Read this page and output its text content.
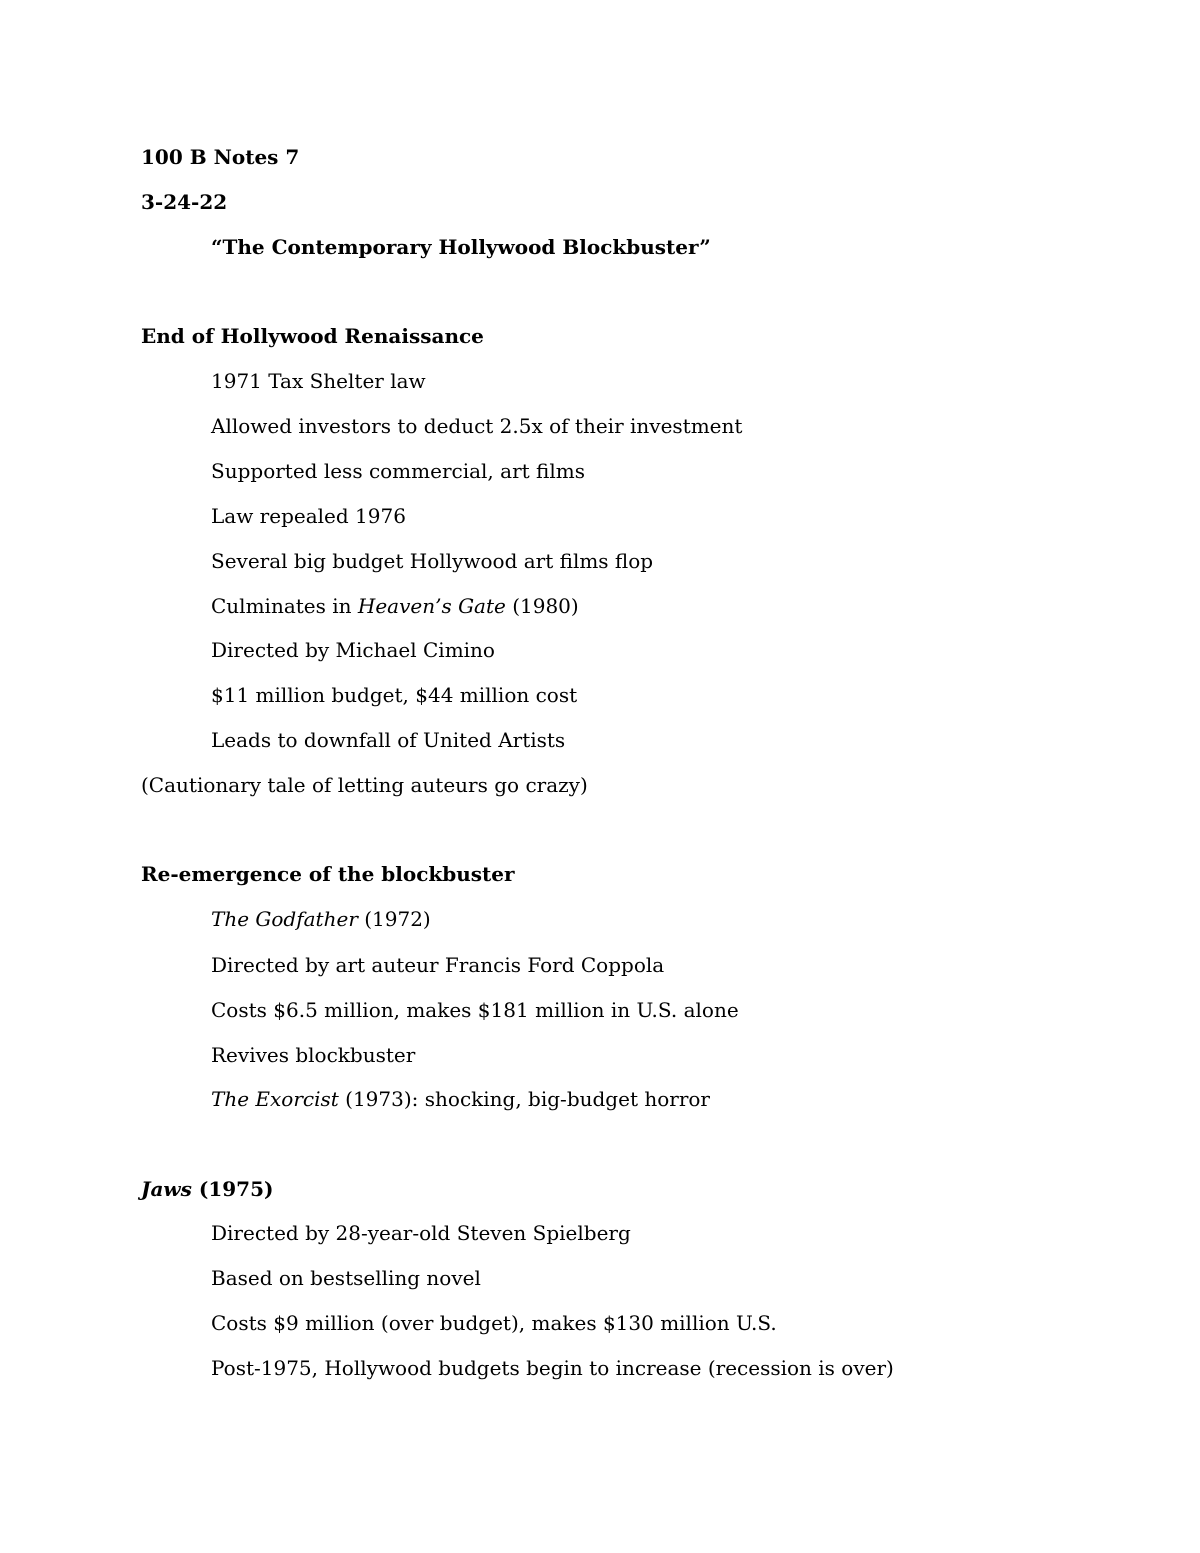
100 B Notes 7
3-24-22
“The Contemporary Hollywood Blockbuster”
End of Hollywood Renaissance
1971 Tax Shelter law
Allowed investors to deduct 2.5x of their investment
Supported less commercial, art films
Law repealed 1976
Several big budget Hollywood art films flop
Culminates in Heaven’s Gate (1980)
Directed by Michael Cimino
$11 million budget, $44 million cost
Leads to downfall of United Artists
(Cautionary tale of letting auteurs go crazy)
Re-emergence of the blockbuster
The Godfather (1972)
Directed by art auteur Francis Ford Coppola
Costs $6.5 million, makes $181 million in U.S. alone
Revives blockbuster
The Exorcist (1973): shocking, big-budget horror
Jaws (1975)
Directed by 28-year-old Steven Spielberg
Based on bestselling novel
Costs $9 million (over budget), makes $130 million U.S.
Post-1975, Hollywood budgets begin to increase (recession is over)
